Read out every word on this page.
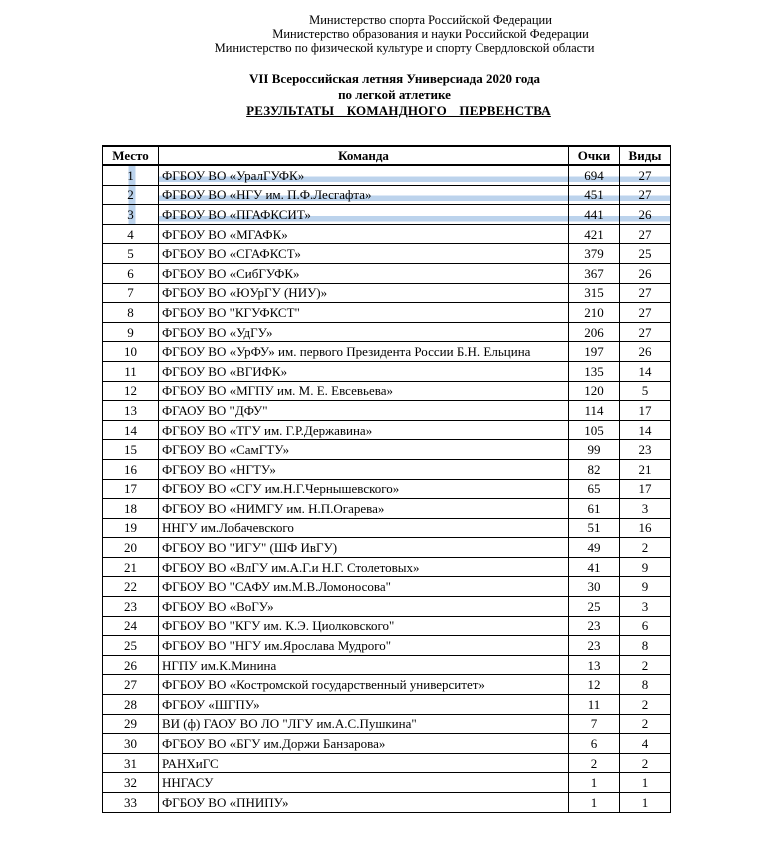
Министерство спорта Российской Федерации
Министерство образования и науки Российской Федерации
Министерство по физической культуре и спорту Свердловской области
VII Всероссийская летняя Универсиада 2020 года
по легкой атлетике
РЕЗУЛЬТАТЫ КОМАНДНОГО ПЕРВЕНСТВА
Место	Команда	Очки	Виды
1	ФГБОУ ВО «УралГУФК»	694	27
2	ФГБОУ ВО «НГУ им. П.Ф.Лесгафта»	451	27
3	ФГБОУ ВО «ПГАФКСИТ»	441	26
4	ФГБОУ ВО «МГАФК»	421	27
5	ФГБОУ ВО «СГАФКСТ»	379	25
6	ФГБОУ ВО «СибГУФК»	367	26
7	ФГБОУ ВО «ЮУрГУ (НИУ)»	315	27
8	ФГБОУ ВО "КГУФКСТ"	210	27
9	ФГБОУ ВО «УдГУ»	206	27
10	ФГБОУ ВО «УрФУ» им. первого Президента России Б.Н. Ельцина	197	26
11	ФГБОУ ВО «ВГИФК»	135	14
12	ФГБОУ ВО «МГПУ им. М. Е. Евсевьева»	120	5
13	ФГАОУ ВО "ДФУ"	114	17
14	ФГБОУ ВО «ТГУ им. Г.Р.Державина»	105	14
15	ФГБОУ ВО «СамГТУ»	99	23
16	ФГБОУ ВО «НГТУ»	82	21
17	ФГБОУ ВО «СГУ им.Н.Г.Чернышевского»	65	17
18	ФГБОУ ВО «НИМГУ им. Н.П.Огарева»	61	3
19	ННГУ им.Лобачевского	51	16
20	ФГБОУ ВО "ИГУ" (ШФ ИвГУ)	49	2
21	ФГБОУ ВО «ВлГУ им.А.Г.и Н.Г. Столетовых»	41	9
22	ФГБОУ ВО "САФУ им.М.В.Ломоносова"	30	9
23	ФГБОУ ВО «ВоГУ»	25	3
24	ФГБОУ ВО "КГУ им. К.Э. Циолковского"	23	6
25	ФГБОУ ВО "НГУ им.Ярослава Мудрого"	23	8
26	НГПУ им.К.Минина	13	2
27	ФГБОУ ВО «Костромской государственный университет»	12	8
28	ФГБОУ «ШГПУ»	11	2
29	ВИ (ф) ГАОУ ВО ЛО "ЛГУ им.А.С.Пушкина"	7	2
30	ФГБОУ ВО «БГУ им.Доржи Банзарова»	6	4
31	РАНХиГС	2	2
32	ННГАСУ	1	1
33	ФГБОУ ВО «ПНИПУ»	1	1
